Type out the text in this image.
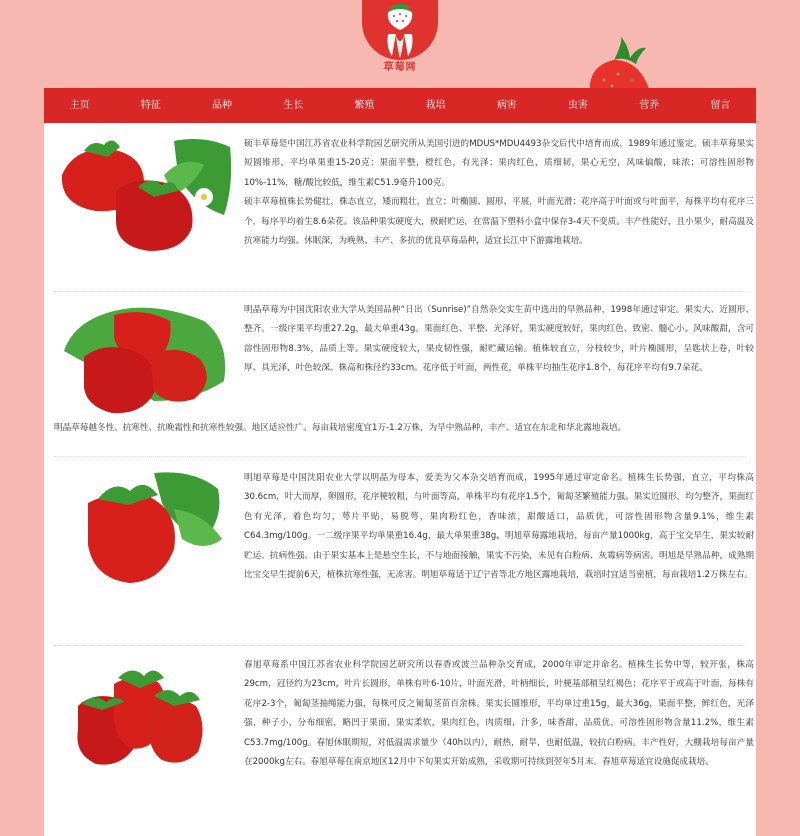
草莓网
主页	特征	品种	生长	繁殖	栽培	病害	虫害	营养	留言

硕丰草莓是中国江苏省农业科学院园艺研究所从美国引进的MDUS*MDU4493杂交后代中培育而成，1989年通过鉴定。硕丰草莓果实短圆锥形，平均单果重15-20克；果面平整，橙红色，有光泽；果肉红色，质细韧，果心无空，风味偏酸，味浓；可溶性固形物10%-11%，糖/酸比较低，维生素C51.9毫升100克。

硕丰草莓植株长势健壮，株态直立，矮而粗壮，直立；叶椭圆、圆形、平展，叶面光滑；花序高于叶面或与叶面平，每株平均有花序三个，每序平均着生8.6朵花。该品种果实硬度大，极耐贮运，在常温下塑料小盒中保存3-4天不变质。丰产性能好，且小果少，耐高温及抗寒能力均强。休眠深，为晚熟、丰产、多抗的优良草莓品种，适宜长江中下游露地栽培。

明晶草莓为中国沈阳农业大学从美国品种“日出（Sunrise)”自然杂交实生苗中选出的早熟品种，1998年通过审定。果实大、近圆形、整齐。一级序果平均重27.2g，最大单重43g。果面红色、平整、光泽好，果实硬度较好，果肉红色、致密、髓心小。风味酸甜，含可溶性固形物8.3%，品质上等。果实硬度较大，果皮韧性强，耐贮藏运输。植株较直立，分枝较少，叶片椭圆形，呈匙状上卷，叶较厚、具光泽，叶色较深。株高和株径约33cm。花序低于叶面，两性花，单株平均抽生花序1.8个，每花序平均有9.7朵花。

明晶草莓越冬性、抗寒性、抗晚霜性和抗寒性较强。地区适应性广。每亩栽培密度宜1万-1.2万株，为早中熟品种，丰产。适宜在东北和华北露地栽培。

明旭草莓是中国沈阳农业大学以明晶为母本，爱美为父本杂交培育而成，1995年通过审定命名。植株生长势强，直立，平均株高30.6cm，叶大而厚，卵圆形，花序梗较粗，与叶面等高，单株平均有花序1.5个，匍匐茎繁殖能力强。果实近圆形，均匀整齐，果面红色有光泽，着色均匀，萼片平贴，易脱萼，果肉粉红色，香味浓，甜酸适口，品质优，可溶性固形物含量9.1%，维生素C64.3mg/100g。一二级序果平均单果重16.4g，最大单果重38g。明旭草莓露地栽培，每亩产量1000kg，高于宝交早生，果实较耐贮运、抗病性强。由于果实基本上是悬空生长，不与地面接触，果实不污染，未见有白粉病、灰霉病等病害。明旭是早熟品种，成熟期比宝交早生提前6天，植株抗寒性强，无冻害。明旭草莓适于辽宁省等北方地区露地栽培，栽培时宜适当密植，每亩栽培1.2万株左右。

春旭草莓系中国江苏省农业科学院园艺研究所以春香或波兰品种杂交育成，2000年审定并命名。植株生长势中等，较开张，株高29cm，冠径约为23cm，叶片长圆形，单株有叶6-10片，叶面光滑，叶柄细长，叶梗基部稍呈红褐色；花序平于或高于叶面，每株有花序2-3个，匍匐茎抽绳能力强，每株可反之匍匐茎苗百余株。果实长圆锥形，平均单过重15g，最大36g，果面平整，鲜红色，光泽强，种子小，分布细密，略凹于果面，果实柔软，果肉红色，肉质细，汁多，味香甜，品质优，可溶性固形物含量11.2%，维生素C53.7mg/100g。春旭休眠期短，对低温需求量少（40h以内），耐热，耐旱，也耐低温，较抗白粉病。丰产性好，大棚栽培每亩产量在2000kg左右。春旭草莓在南京地区12月中下旬果实开始成熟，采收期可持续到翌年5月末。春旭草莓适宜设施促成栽培。
